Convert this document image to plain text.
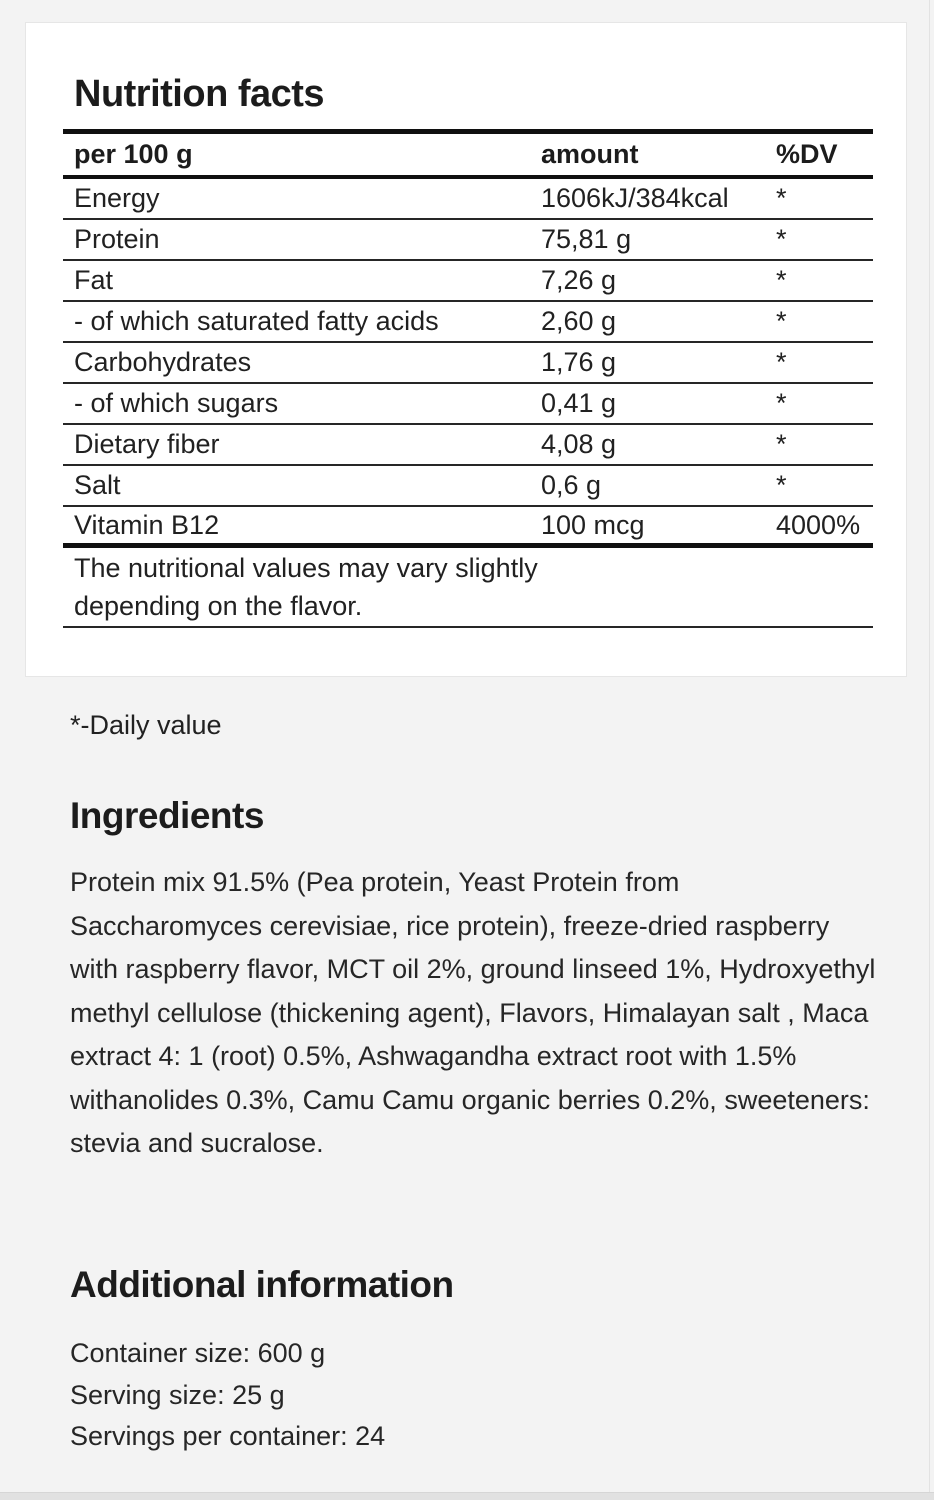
Nutrition facts
per 100 g	amount	%DV
Energy	1606kJ/384kcal	*
Protein	75,81 g	*
Fat	7,26 g	*
- of which saturated fatty acids	2,60 g	*
Carbohydrates	1,76 g	*
- of which sugars	0,41 g	*
Dietary fiber	4,08 g	*
Salt	0,6 g	*
Vitamin B12	100 mcg	4000%
The nutritional values may vary slightly depending on the flavor.
*-Daily value
Ingredients
Protein mix 91.5% (Pea protein, Yeast Protein from Saccharomyces cerevisiae, rice protein), freeze-dried raspberry with raspberry flavor, MCT oil 2%, ground linseed 1%, Hydroxyethyl methyl cellulose (thickening agent), Flavors, Himalayan salt , Maca extract 4: 1 (root) 0.5%, Ashwagandha extract root with 1.5% withanolides 0.3%, Camu Camu organic berries 0.2%, sweeteners: stevia and sucralose.
Additional information
Container size: 600 g
Serving size: 25 g
Servings per container: 24
